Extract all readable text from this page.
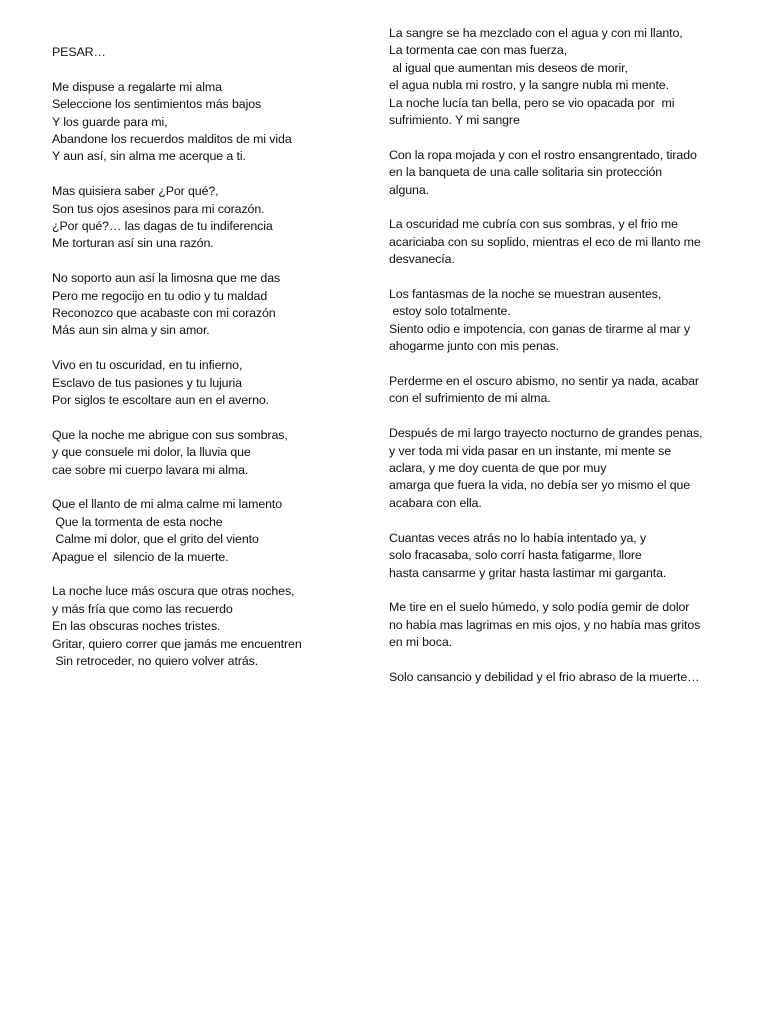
PESAR…
Me dispuse a regalarte mi alma
Seleccione los sentimientos más bajos
Y los guarde para mi,
Abandone los recuerdos malditos de mi vida
Y aun así, sin alma me acerque a ti.
Mas quisiera saber ¿Por qué?,
Son tus ojos asesinos para mi corazón.
¿Por qué?… las dagas de tu indiferencia
Me torturan así sin una razón.
No soporto aun así la limosna que me das
Pero me regocijo en tu odio y tu maldad
Reconozco que acabaste con mi corazón
Más aun sin alma y sin amor.
Vivo en tu oscuridad, en tu infierno,
Esclavo de tus pasiones y tu lujuria
Por siglos te escoltare aun en el averno.
Que la noche me abrigue con sus sombras,
y que consuele mi dolor, la lluvia que
cae sobre mi cuerpo lavara mi alma.
Que el llanto de mi alma calme mi lamento
Que la tormenta de esta noche
Calme mi dolor, que el grito del viento
Apague el  silencio de la muerte.
La noche luce más oscura que otras noches,
y más fría que como las recuerdo
En las obscuras noches tristes.
Gritar, quiero correr que jamás me encuentren
Sin retroceder, no quiero volver atrás.
La sangre se ha mezclado con el agua y con mi llanto,
La tormenta cae con mas fuerza,
al igual que aumentan mis deseos de morir,
el agua nubla mi rostro, y la sangre nubla mi mente.
La noche lucía tan bella, pero se vio opacada por  mi
sufrimiento. Y mi sangre
Con la ropa mojada y con el rostro ensangrentado, tirado
en la banqueta de una calle solitaria sin protección
alguna.
La oscuridad me cubría con sus sombras, y el frio me
acariciaba con su soplido, mientras el eco de mi llanto me
desvanecía.
Los fantasmas de la noche se muestran ausentes,
estoy solo totalmente.
Siento odio e impotencia, con ganas de tirarme al mar y
ahogarme junto con mis penas.
Perderme en el oscuro abismo, no sentir ya nada, acabar
con el sufrimiento de mi alma.
Después de mi largo trayecto nocturno de grandes penas,
y ver toda mi vida pasar en un instante, mi mente se
aclara, y me doy cuenta de que por muy
amarga que fuera la vida, no debía ser yo mismo el que
acabara con ella.
Cuantas veces atrás no lo había intentado ya, y
solo fracasaba, solo corrí hasta fatigarme, llore
hasta cansarme y gritar hasta lastimar mi garganta.
Me tire en el suelo húmedo, y solo podía gemir de dolor
no había mas lagrimas en mis ojos, y no había mas gritos
en mi boca.
Solo cansancio y debilidad y el frio abraso de la muerte…
